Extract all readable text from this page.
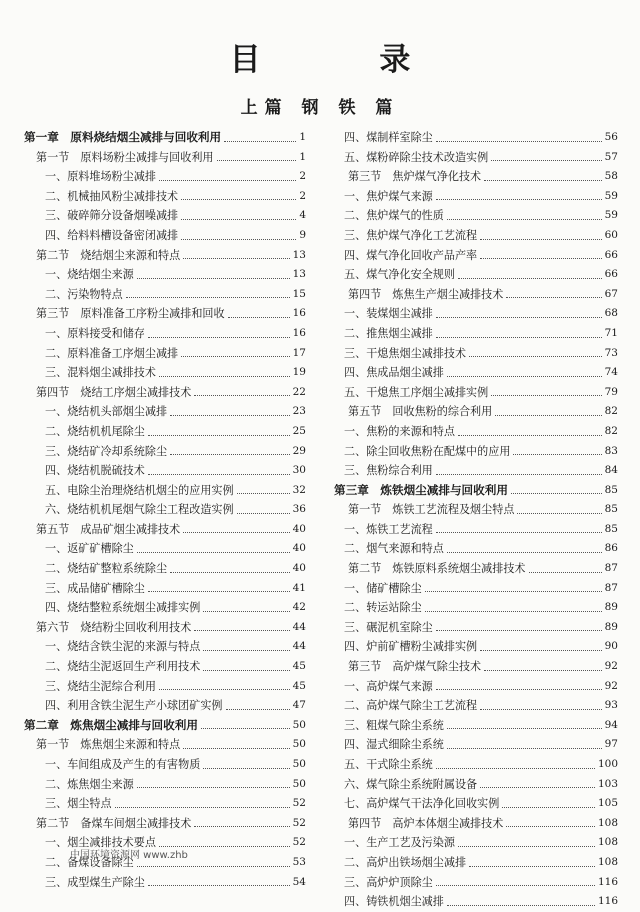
目 录
上篇 钢 铁 篇
第一章　原料烧结烟尘减排与回收利用	1
第一节　原料场粉尘减排与回收利用	1
一、原料堆场粉尘减排	2
二、机械抽风粉尘减排技术	2
三、破碎筛分设备烟噪减排	4
四、给料料槽设备密闭减排	9
第二节　烧结烟尘来源和特点	13
一、烧结烟尘来源	13
二、污染物特点	15
第三节　原料准备工序粉尘减排和回收	16
一、原料接受和储存	16
二、原料准备工序烟尘减排	17
三、混料烟尘减排技术	19
第四节　烧结工序烟尘减排技术	22
一、烧结机头部烟尘减排	23
二、烧结机机尾除尘	25
三、烧结矿冷却系统除尘	29
四、烧结机脱硫技术	30
五、电除尘治理烧结机烟尘的应用实例	32
六、烧结机机尾烟气除尘工程改造实例	36
第五节　成品矿烟尘减排技术	40
一、返矿矿槽除尘	40
二、烧结矿整粒系统除尘	40
三、成品储矿槽除尘	41
四、烧结整粒系统烟尘减排实例	42
第六节　烧结粉尘回收利用技术	44
一、烧结含铁尘泥的来源与特点	44
二、烧结尘泥返回生产利用技术	45
三、烧结尘泥综合利用	45
四、利用含铁尘泥生产小球团矿实例	47
第二章　炼焦烟尘减排与回收利用	50
第一节　炼焦烟尘来源和特点	50
一、车间组成及产生的有害物质	50
二、炼焦烟尘来源	50
三、烟尘特点	52
第二节　备煤车间烟尘减排技术	52
一、烟尘减排技术要点	52
二、备煤设备除尘	53
三、成型煤生产除尘	54
四、煤制样室除尘	56
五、煤粉碎除尘技术改造实例	57
第三节　焦炉煤气净化技术	58
一、焦炉煤气来源	59
二、焦炉煤气的性质	59
三、焦炉煤气净化工艺流程	60
四、煤气净化回收产品产率	66
五、煤气净化安全规则	66
第四节　炼焦生产烟尘减排技术	67
一、装煤烟尘减排	68
二、推焦烟尘减排	71
三、干熄焦烟尘减排技术	73
四、焦成品烟尘减排	74
五、干熄焦工序烟尘减排实例	79
第五节　回收焦粉的综合利用	82
一、焦粉的来源和特点	82
二、除尘回收焦粉在配煤中的应用	83
三、焦粉综合利用	84
第三章　炼铁烟尘减排与回收利用	85
第一节　炼铁工艺流程及烟尘特点	85
一、炼铁工艺流程	85
二、烟气来源和特点	86
第二节　炼铁原料系统烟尘减排技术	87
一、储矿槽除尘	87
二、转运站除尘	89
三、碾泥机室除尘	89
四、炉前矿槽粉尘减排实例	90
第三节　高炉煤气除尘技术	92
一、高炉煤气来源	92
二、高炉煤气除尘工艺流程	93
三、粗煤气除尘系统	94
四、湿式细除尘系统	97
五、干式除尘系统	100
六、煤气除尘系统附属设备	103
七、高炉煤气干法净化回收实例	105
第四节　高炉本体烟尘减排技术	108
一、生产工艺及污染源	108
二、高炉出铁场烟尘减排	108
三、高炉炉顶除尘	116
四、铸铁机烟尘减排	116
中国环境资源网 www.zhb
